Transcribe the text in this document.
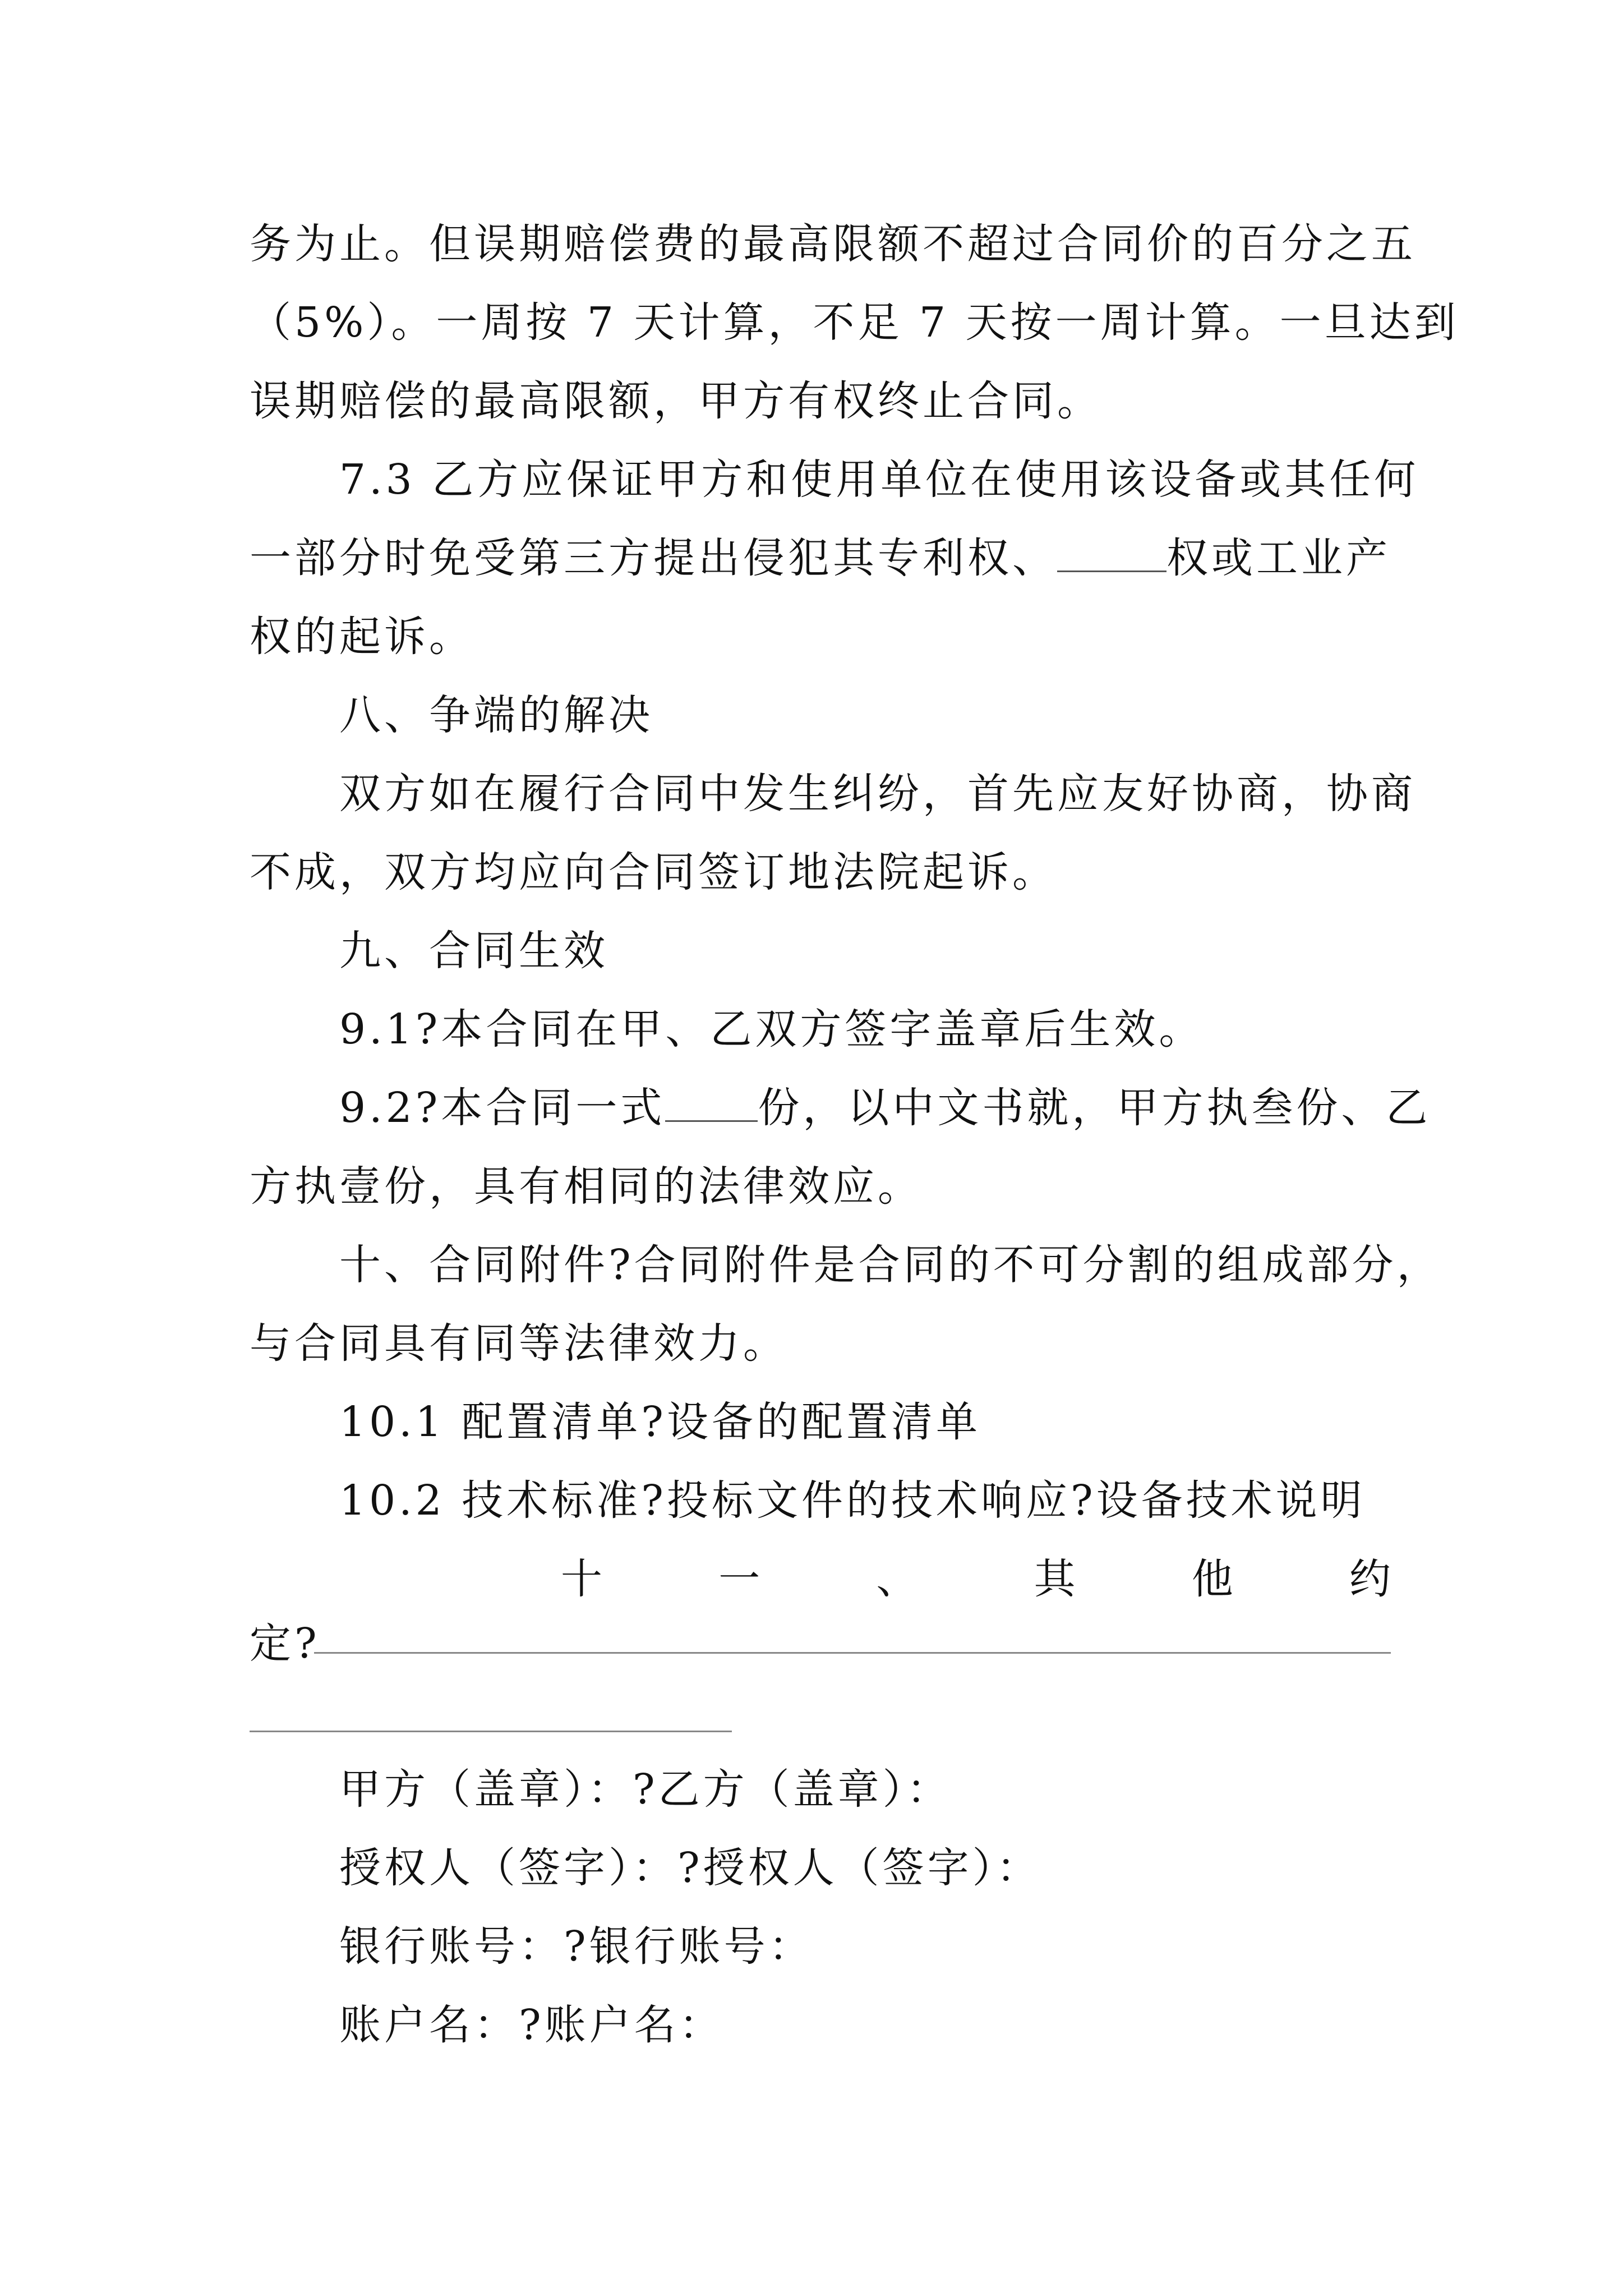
务为止。但误期赔偿费的最高限额不超过合同价的百分之五
（5%）。一周按 7 天计算，不足 7 天按一周计算。一旦达到
误期赔偿的最高限额，甲方有权终止合同。
7.3 乙方应保证甲方和使用单位在使用该设备或其任何
一部分时免受第三方提出侵犯其专利权、	权或工业产
权的起诉。
八、争端的解决
双方如在履行合同中发生纠纷，首先应友好协商，协商
不成，双方均应向合同签订地法院起诉。
九、合同生效
9.1?本合同在甲、乙双方签字盖章后生效。
9.2?本合同一式 份，以中文书就，甲方执叁份、乙
方执壹份，具有相同的法律效应。
十、合同附件?合同附件是合同的不可分割的组成部分，
与合同具有同等法律效力。
10.1 配置清单?设备的配置清单
10.2 技术标准?投标文件的技术响应?设备技术说明
十	一	、	其	他	约
定?
甲方（盖章）：?乙方（盖章）：
授权人（签字）：?授权人（签字）：
银行账号：?银行账号：
账户名：?账户名：
